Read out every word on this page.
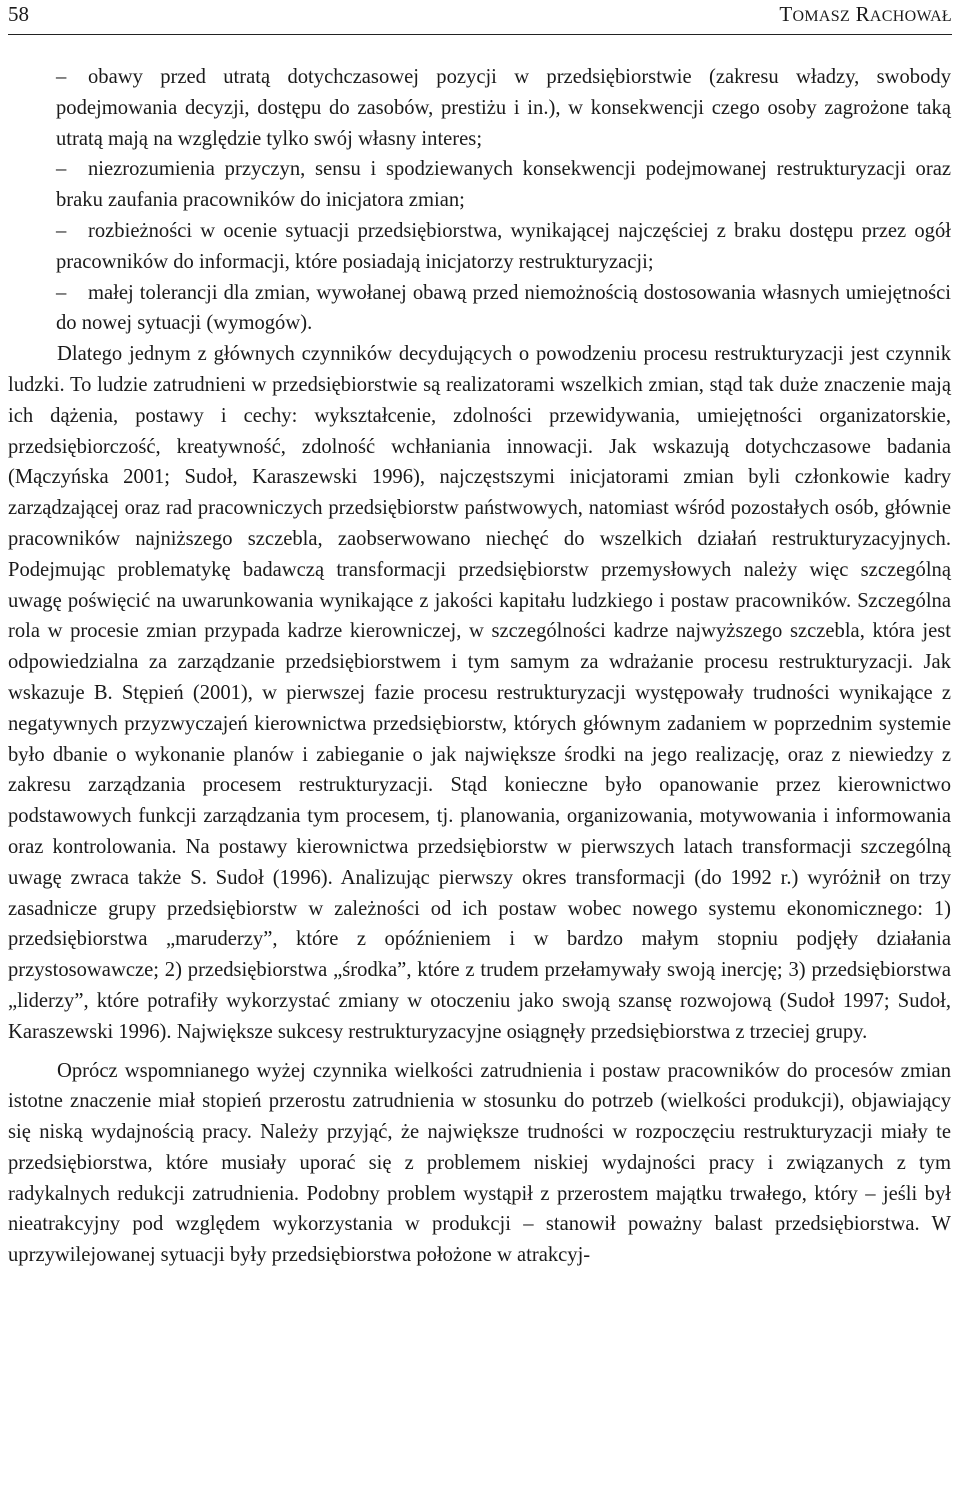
58	TOMASZ RACHOWAŁ
–	obawy przed utratą dotychczasowej pozycji w przedsiębiorstwie (zakresu władzy, swobody podejmowania decyzji, dostępu do zasobów, prestiżu i in.), w konsekwencji czego osoby zagrożone taką utratą mają na względzie tylko swój własny interes;
–	niezrozumienia przyczyn, sensu i spodziewanych konsekwencji podejmowanej restrukturyzacji oraz braku zaufania pracowników do inicjatora zmian;
–	rozbieżności w ocenie sytuacji przedsiębiorstwa, wynikającej najczęściej z braku dostępu przez ogół pracowników do informacji, które posiadają inicjatorzy restrukturyzacji;
–	małej tolerancji dla zmian, wywołanej obawą przed niemożnością dostosowania własnych umiejętności do nowej sytuacji (wymogów).

Dlatego jednym z głównych czynników decydujących o powodzeniu procesu restrukturyzacji jest czynnik ludzki. To ludzie zatrudnieni w przedsiębiorstwie są realizatorami wszelkich zmian, stąd tak duże znaczenie mają ich dążenia, postawy i cechy: wykształcenie, zdolności przewidywania, umiejętności organizatorskie, przedsiębiorczość, kreatywność, zdolność wchłaniania innowacji. Jak wskazują dotychczasowe badania (Mączyńska 2001; Sudoł, Karaszewski 1996), najczęstszymi inicjatorami zmian byli członkowie kadry zarządzającej oraz rad pracowniczych przedsiębiorstw państwowych, natomiast wśród pozostałych osób, głównie pracowników najniższego szczebla, zaobserwowano niechęć do wszelkich działań restrukturyzacyjnych. Podejmując problematykę badawczą transformacji przedsiębiorstw przemysłowych należy więc szczególną uwagę poświęcić na uwarunkowania wynikające z jakości kapitału ludzkiego i postaw pracowników. Szczególna rola w procesie zmian przypada kadrze kierowniczej, w szczególności kadrze najwyższego szczebla, która jest odpowiedzialna za zarządzanie przedsiębiorstwem i tym samym za wdrażanie procesu restrukturyzacji. Jak wskazuje B. Stępień (2001), w pierwszej fazie procesu restrukturyzacji występowały trudności wynikające z negatywnych przyzwyczajeń kierownictwa przedsiębiorstw, których głównym zadaniem w poprzednim systemie było dbanie o wykonanie planów i zabieganie o jak największe środki na jego realizację, oraz z niewiedzy z zakresu zarządzania procesem restrukturyzacji. Stąd konieczne było opanowanie przez kierownictwo podstawowych funkcji zarządzania tym procesem, tj. planowania, organizowania, motywowania i informowania oraz kontrolowania. Na postawy kierownictwa przedsiębiorstw w pierwszych latach transformacji szczególną uwagę zwraca także S. Sudoł (1996). Analizując pierwszy okres transformacji (do 1992 r.) wyróżnił on trzy zasadnicze grupy przedsiębiorstw w zależności od ich postaw wobec nowego systemu ekonomicznego: 1) przedsiębiorstwa „maruderzy”, które z opóźnieniem i w bardzo małym stopniu podjęły działania przystosowawcze; 2) przedsiębiorstwa „środka”, które z trudem przełamywały swoją inercję; 3) przedsiębiorstwa „liderzy”, które potrafiły wykorzystać zmiany w otoczeniu jako swoją szansę rozwojową (Sudoł 1997; Sudoł, Karaszewski 1996). Największe sukcesy restrukturyzacyjne osiągnęły przedsiębiorstwa z trzeciej grupy.

Oprócz wspomnianego wyżej czynnika wielkości zatrudnienia i postaw pracowników do procesów zmian istotne znaczenie miał stopień przerostu zatrudnienia w stosunku do potrzeb (wielkości produkcji), objawiający się niską wydajnością pracy. Należy przyjąć, że największe trudności w rozpoczęciu restrukturyzacji miały te przedsiębiorstwa, które musiały uporać się z problemem niskiej wydajności pracy i związanych z tym radykalnych redukcji zatrudnienia. Podobny problem wystąpił z przerostem majątku trwałego, który – jeśli był nieatrakcyjny pod względem wykorzystania w produkcji – stanowił poważny balast przedsiębiorstwa. W uprzywilejowanej sytuacji były przedsiębiorstwa położone w atrakcyj-
